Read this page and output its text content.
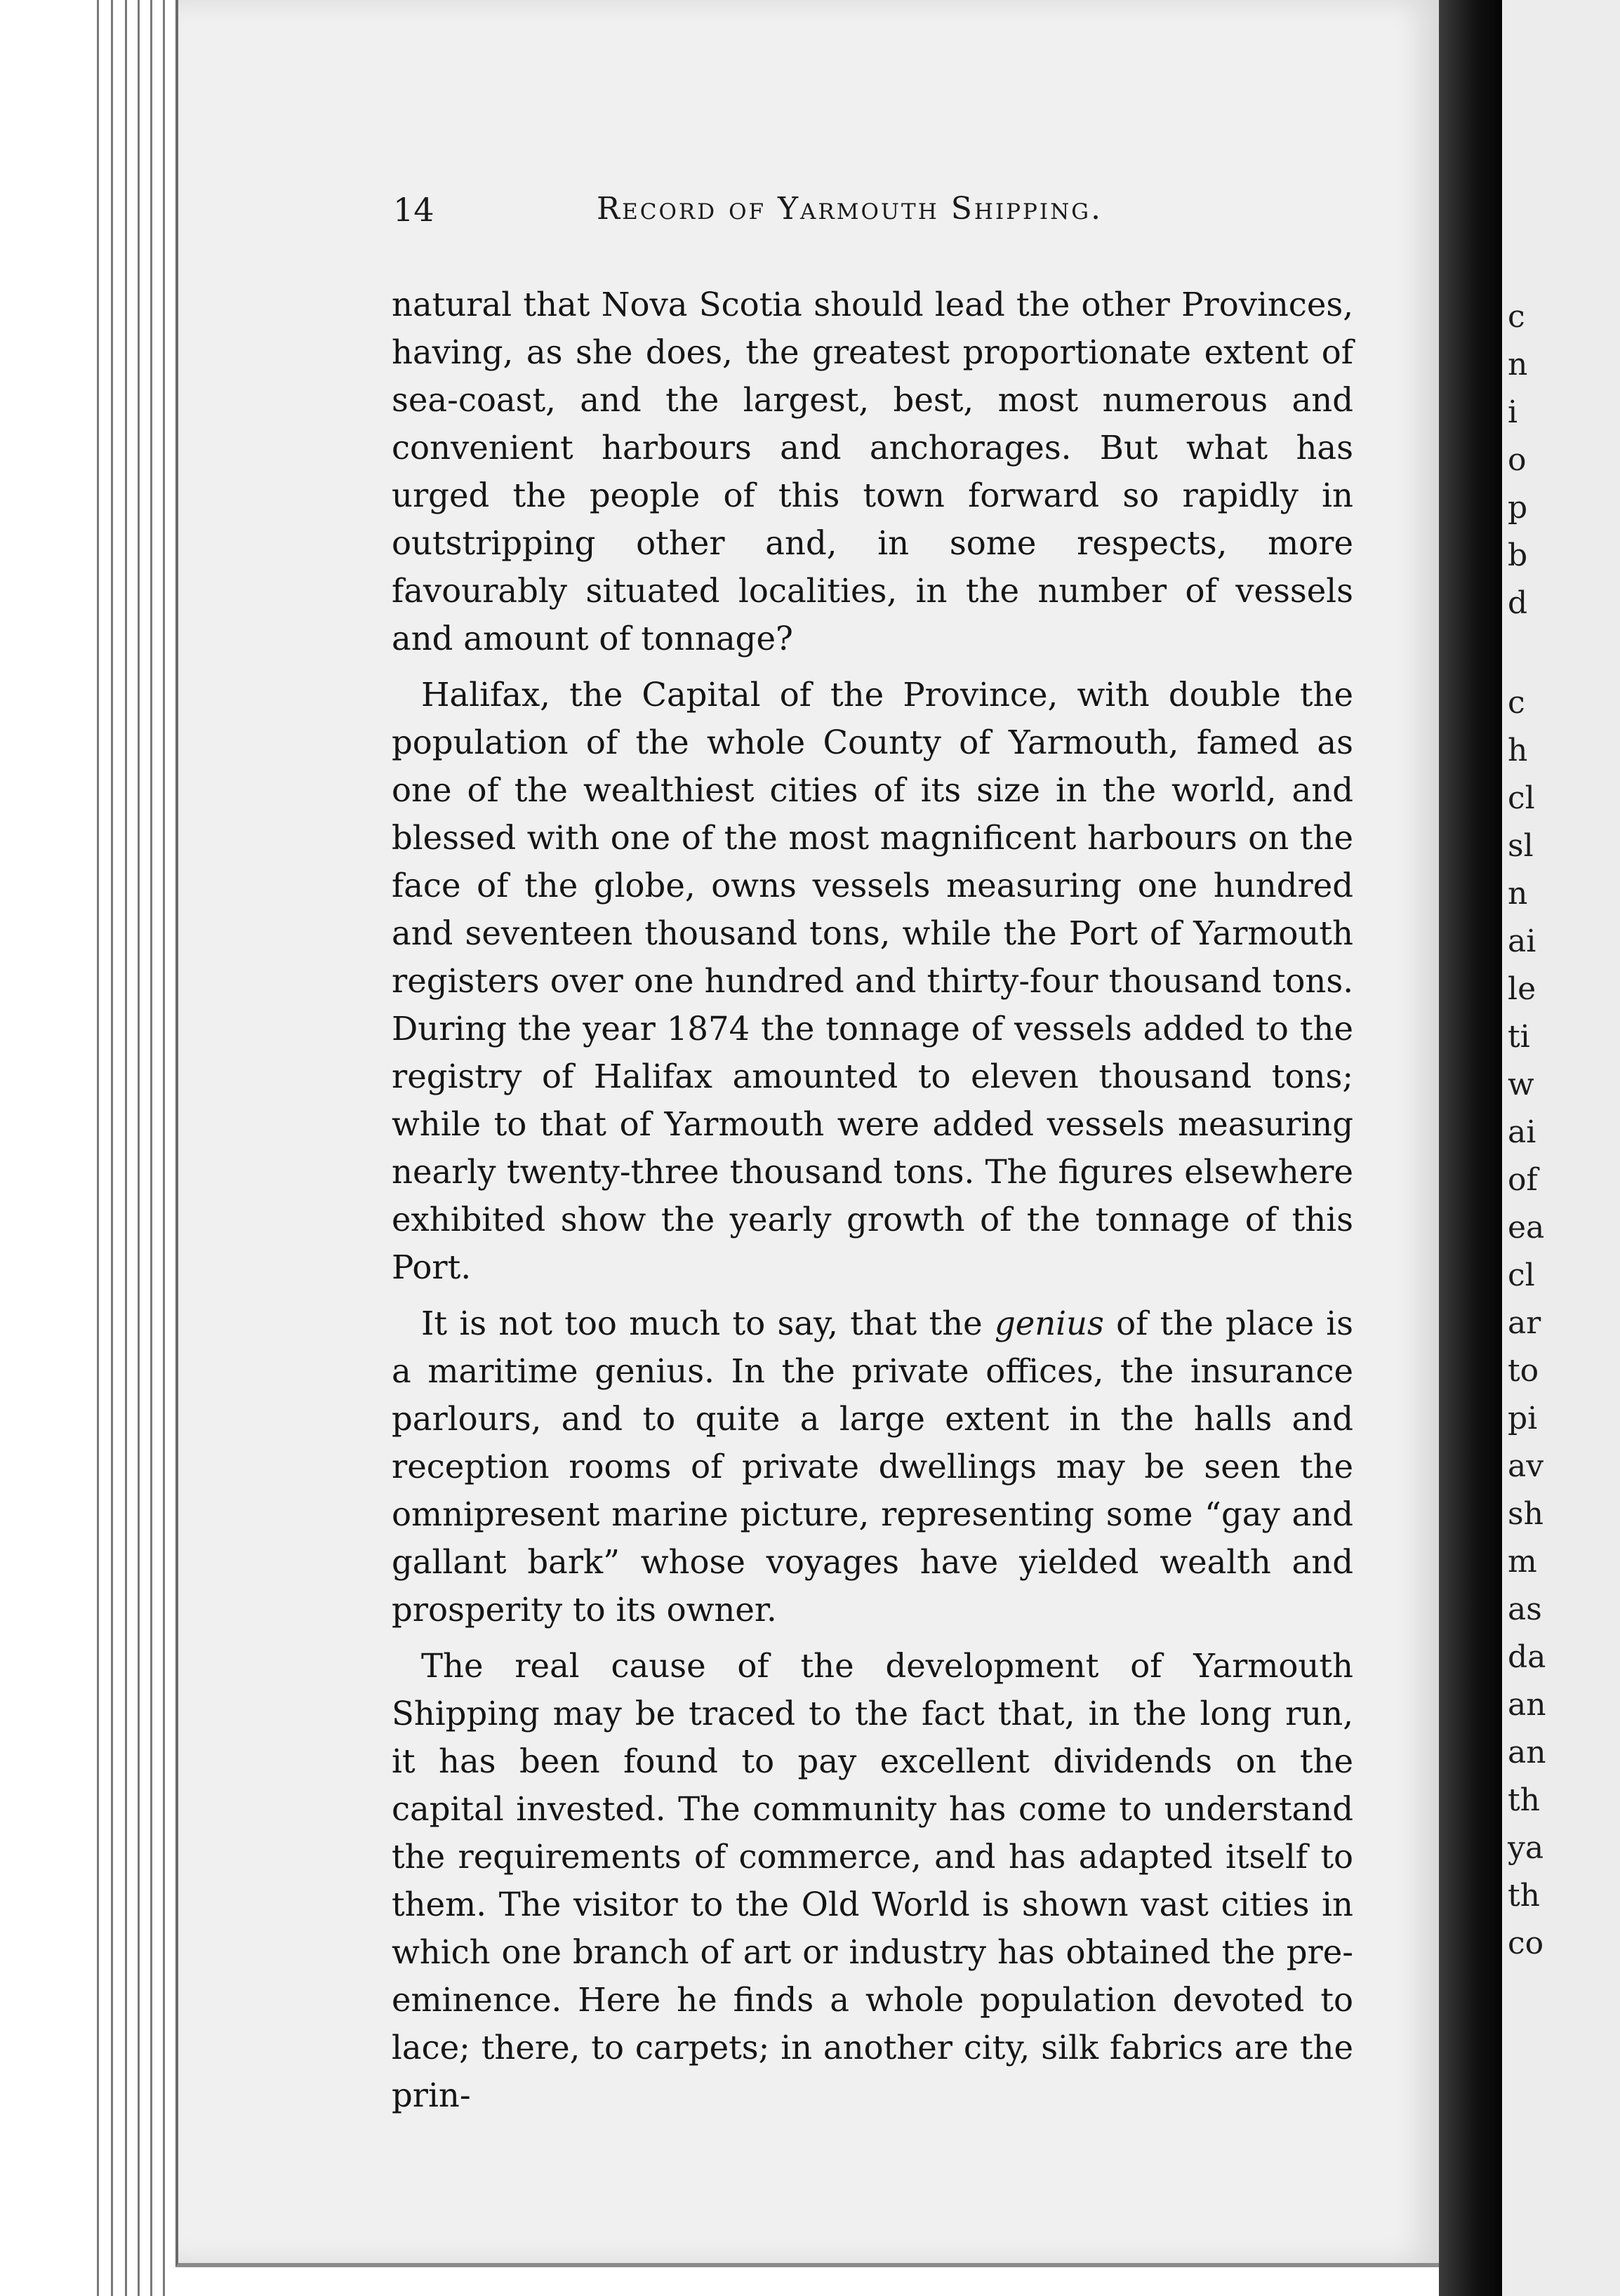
c
n
i
o
p
b
d
c
h
cl
sl
n
ai
le
ti
w
ai
of
ea
cl
ar
to
pi
av
sh
m
as
da
an
an
th
ya
th
co
14	Record of Yarmouth Shipping.

natural that Nova Scotia should lead the other Provinces, having, as she does, the greatest proportionate extent of sea-coast, and the largest, best, most numerous and convenient harbours and anchorages. But what has urged the people of this town forward so rapidly in outstripping other and, in some respects, more favourably situated localities, in the number of vessels and amount of tonnage?

Halifax, the Capital of the Province, with double the population of the whole County of Yarmouth, famed as one of the wealthiest cities of its size in the world, and blessed with one of the most magnificent harbours on the face of the globe, owns vessels measuring one hundred and seventeen thousand tons, while the Port of Yarmouth registers over one hundred and thirty-four thousand tons. During the year 1874 the tonnage of vessels added to the registry of Halifax amounted to eleven thousand tons; while to that of Yarmouth were added vessels measuring nearly twenty-three thousand tons. The figures elsewhere exhibited show the yearly growth of the tonnage of this Port.

It is not too much to say, that the genius of the place is a maritime genius. In the private offices, the insurance parlours, and to quite a large extent in the halls and reception rooms of private dwellings may be seen the omnipresent marine picture, representing some “gay and gallant bark” whose voyages have yielded wealth and prosperity to its owner.

The real cause of the development of Yarmouth Shipping may be traced to the fact that, in the long run, it has been found to pay excellent dividends on the capital invested. The community has come to understand the requirements of commerce, and has adapted itself to them. The visitor to the Old World is shown vast cities in which one branch of art or industry has obtained the pre-eminence. Here he finds a whole population devoted to lace; there, to carpets; in another city, silk fabrics are the prin-
